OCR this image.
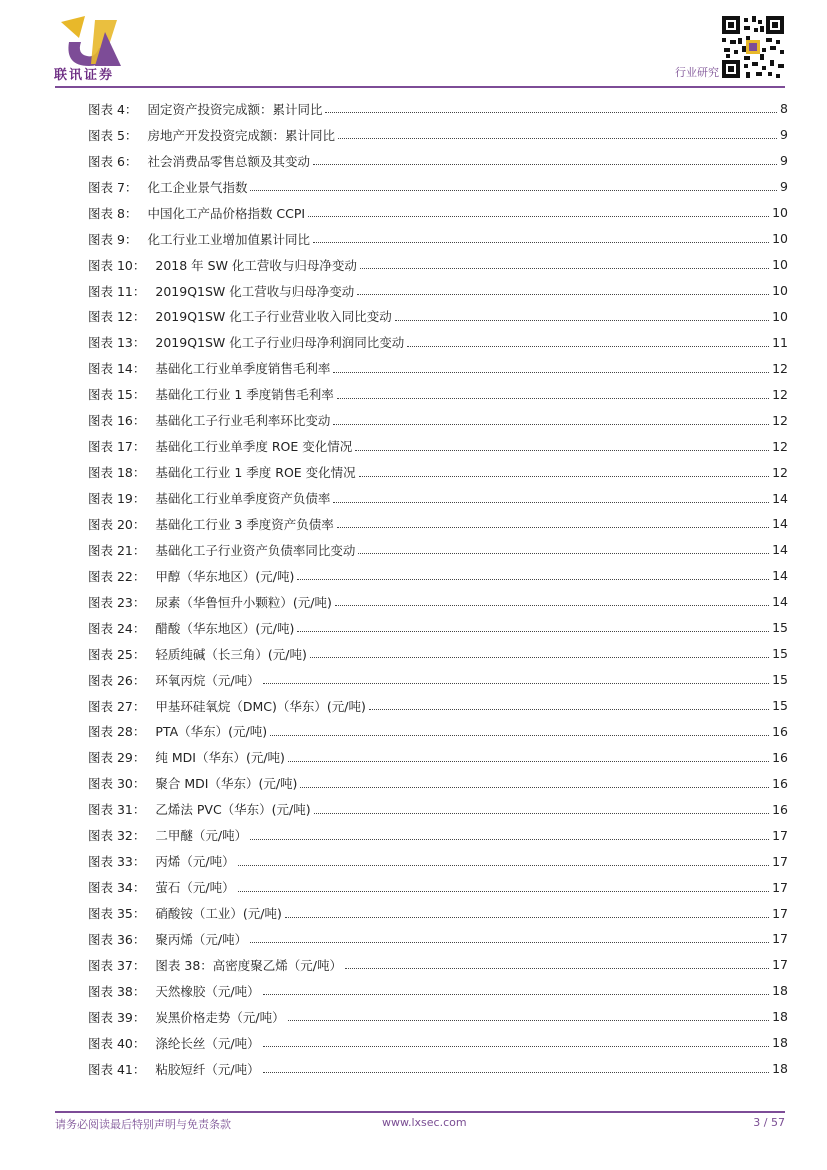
联讯证券	行业研究
图表 4： 固定资产投资完成额：累计同比	8
图表 5： 房地产开发投资完成额：累计同比	9
图表 6： 社会消费品零售总额及其变动	9
图表 7： 化工企业景气指数	9
图表 8： 中国化工产品价格指数 CCPI	10
图表 9： 化工行业工业增加值累计同比	10
图表 10： 2018 年 SW 化工营收与归母净变动	10
图表 11： 2019Q1SW 化工营收与归母净变动	10
图表 12： 2019Q1SW 化工子行业营业收入同比变动	10
图表 13： 2019Q1SW 化工子行业归母净利润同比变动	11
图表 14： 基础化工行业单季度销售毛利率	12
图表 15： 基础化工行业 1 季度销售毛利率	12
图表 16： 基础化工子行业毛利率环比变动	12
图表 17： 基础化工行业单季度 ROE 变化情况	12
图表 18： 基础化工行业 1 季度 ROE 变化情况	12
图表 19： 基础化工行业单季度资产负债率	14
图表 20： 基础化工行业 3 季度资产负债率	14
图表 21： 基础化工子行业资产负债率同比变动	14
图表 22： 甲醇（华东地区）(元/吨)	14
图表 23： 尿素（华鲁恒升小颗粒）(元/吨)	14
图表 24： 醋酸（华东地区）(元/吨)	15
图表 25： 轻质纯碱（长三角）(元/吨)	15
图表 26： 环氧丙烷（元/吨）	15
图表 27： 甲基环硅氧烷（DMC)（华东）(元/吨)	15
图表 28： PTA（华东）(元/吨)	16
图表 29： 纯 MDI（华东）(元/吨)	16
图表 30： 聚合 MDI（华东）(元/吨)	16
图表 31： 乙烯法 PVC（华东）(元/吨)	16
图表 32： 二甲醚（元/吨）	17
图表 33： 丙烯（元/吨）	17
图表 34： 萤石（元/吨）	17
图表 35： 硝酸铵（工业）(元/吨)	17
图表 36： 聚丙烯（元/吨）	17
图表 37： 图表 38：高密度聚乙烯（元/吨）	17
图表 38： 天然橡胶（元/吨）	18
图表 39： 炭黑价格走势（元/吨）	18
图表 40： 涤纶长丝（元/吨）	18
图表 41： 粘胶短纤（元/吨）	18
请务必阅读最后特别声明与免责条款	www.lxsec.com	3 / 57
